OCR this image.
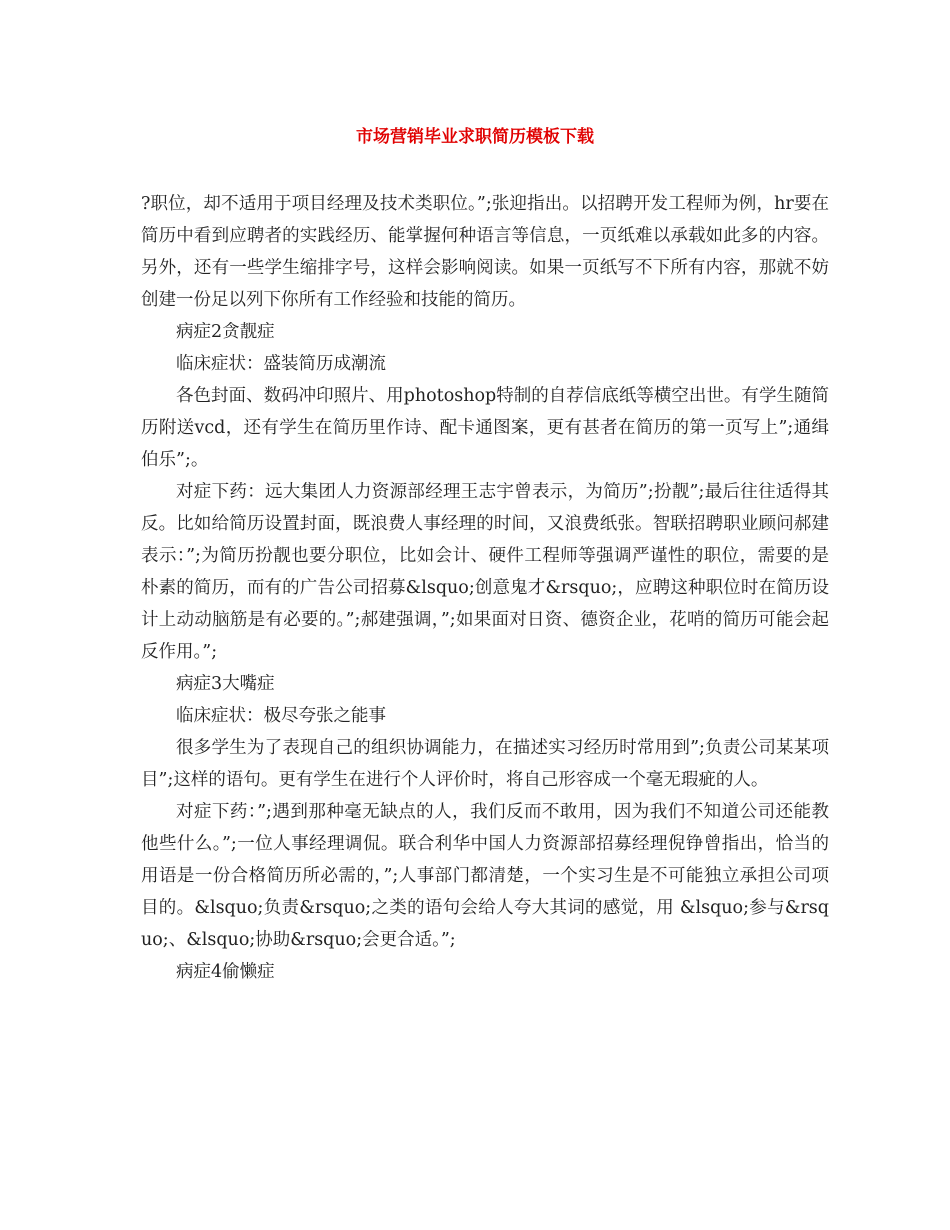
市场营销毕业求职简历模板下载

?职位，却不适用于项目经理及技术类职位。”;张迎指出。以招聘开发工程师为例，hr要在简历中看到应聘者的实践经历、能掌握何种语言等信息，一页纸难以承载如此多的内容。另外，还有一些学生缩排字号，这样会影响阅读。如果一页纸写不下所有内容，那就不妨创建一份足以列下你所有工作经验和技能的简历。

病症2贪靓症

临床症状：盛装简历成潮流

各色封面、数码冲印照片、用photoshop特制的自荐信底纸等横空出世。有学生随简历附送vcd，还有学生在简历里作诗、配卡通图案，更有甚者在简历的第一页写上”;通缉伯乐”;。

对症下药：远大集团人力资源部经理王志宇曾表示，为简历”;扮靓”;最后往往适得其反。比如给简历设置封面，既浪费人事经理的时间，又浪费纸张。智联招聘职业顾问郝建表示：”;为简历扮靓也要分职位，比如会计、硬件工程师等强调严谨性的职位，需要的是朴素的简历，而有的广告公司招募&lsquo;创意鬼才&rsquo;，应聘这种职位时在简历设计上动动脑筋是有必要的。”;郝建强调，”;如果面对日资、德资企业，花哨的简历可能会起反作用。”;

病症3大嘴症

临床症状：极尽夸张之能事

很多学生为了表现自己的组织协调能力，在描述实习经历时常用到”;负责公司某某项目”;这样的语句。更有学生在进行个人评价时，将自己形容成一个毫无瑕疵的人。

对症下药：”;遇到那种毫无缺点的人，我们反而不敢用，因为我们不知道公司还能教他些什么。”;一位人事经理调侃。联合利华中国人力资源部招募经理倪铮曾指出，恰当的用语是一份合格简历所必需的，”;人事部门都清楚，一个实习生是不可能独立承担公司项目的。&lsquo;负责&rsquo;之类的语句会给人夸大其词的感觉，用 &lsquo;参与&rsquo;、&lsquo;协助&rsquo;会更合适。”;

病症4偷懒症
